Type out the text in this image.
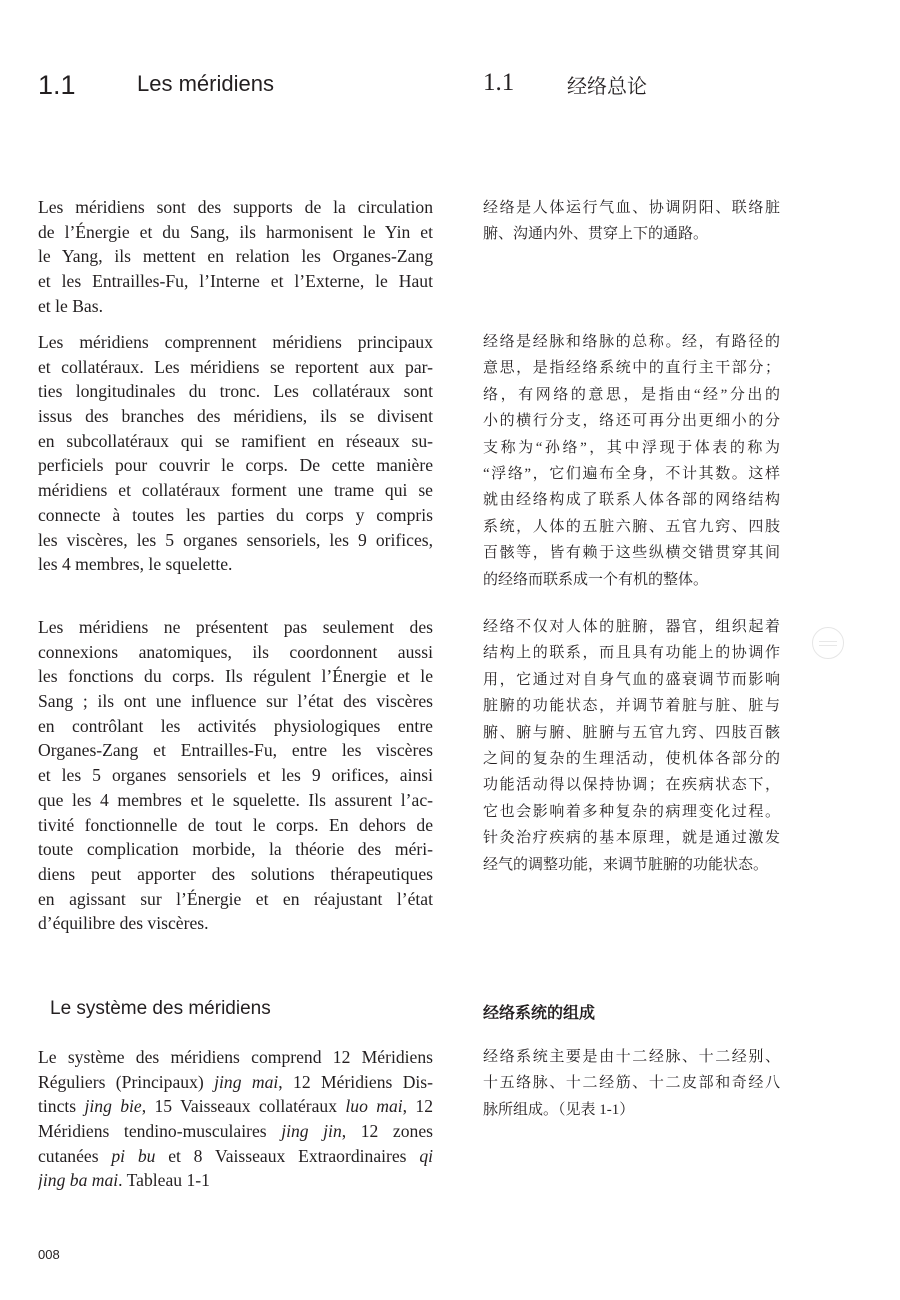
1.1	Les méridiens	1.1	经络总论
Les méridiens sont des supports de la circulation
de l’Énergie et du Sang, ils harmonisent le Yin et
le Yang, ils mettent en relation les Organes-Zang
et les Entrailles-Fu, l’Interne et l’Externe, le Haut
et le Bas.
Les méridiens comprennent méridiens principaux
et collatéraux. Les méridiens se reportent aux par-
ties longitudinales du tronc. Les collatéraux sont
issus des branches des méridiens, ils se divisent
en subcollatéraux qui se ramifient en réseaux su-
perficiels pour couvrir le corps. De cette manière
méridiens et collatéraux forment une trame qui se
connecte à toutes les parties du corps y compris
les viscères, les 5 organes sensoriels, les 9 orifices,
les 4 membres, le squelette.
Les méridiens ne présentent pas seulement des
connexions anatomiques, ils coordonnent aussi
les fonctions du corps. Ils régulent l’Énergie et le
Sang ; ils ont une influence sur l’état des viscères
en contrôlant les activités physiologiques entre
Organes-Zang et Entrailles-Fu, entre les viscères
et les 5 organes sensoriels et les 9 orifices, ainsi
que les 4 membres et le squelette. Ils assurent l’ac-
tivité fonctionnelle de tout le corps. En dehors de
toute complication morbide, la théorie des méri-
diens peut apporter des solutions thérapeutiques
en agissant sur l’Énergie et en réajustant l’état
d’équilibre des viscères.
Le système des méridiens
Le système des méridiens comprend 12 Méridiens
Réguliers (Principaux) jing mai, 12 Méridiens Dis-
tincts jing bie, 15 Vaisseaux collatéraux luo mai, 12
Méridiens tendino-musculaires jing jin, 12 zones
cutanées pi bu et 8 Vaisseaux Extraordinaires qi
jing ba mai. Tableau 1-1
经络是人体运行气血、协调阴阳、联络脏
腑、沟通内外、贯穿上下的通路。
经络是经脉和络脉的总称。经，有路径的
意思，是指经络系统中的直行主干部分；
络，有网络的意思，是指由“经”分出的
小的横行分支，络还可再分出更细小的分
支称为“孙络”，其中浮现于体表的称为
“浮络”，它们遍布全身，不计其数。这样
就由经络构成了联系人体各部的网络结构
系统，人体的五脏六腑、五官九窍、四肢
百骸等，皆有赖于这些纵横交错贯穿其间
的经络而联系成一个有机的整体。
经络不仅对人体的脏腑，器官，组织起着
结构上的联系，而且具有功能上的协调作
用，它通过对自身气血的盛衰调节而影响
脏腑的功能状态，并调节着脏与脏、脏与
腑、腑与腑、脏腑与五官九窍、四肢百骸
之间的复杂的生理活动，使机体各部分的
功能活动得以保持协调；在疾病状态下，
它也会影响着多种复杂的病理变化过程。
针灸治疗疾病的基本原理，就是通过激发
经气的调整功能，来调节脏腑的功能状态。
经络系统的组成
经络系统主要是由十二经脉、十二经别、
十五络脉、十二经筋、十二皮部和奇经八
脉所组成。（见表 1-1）
008
